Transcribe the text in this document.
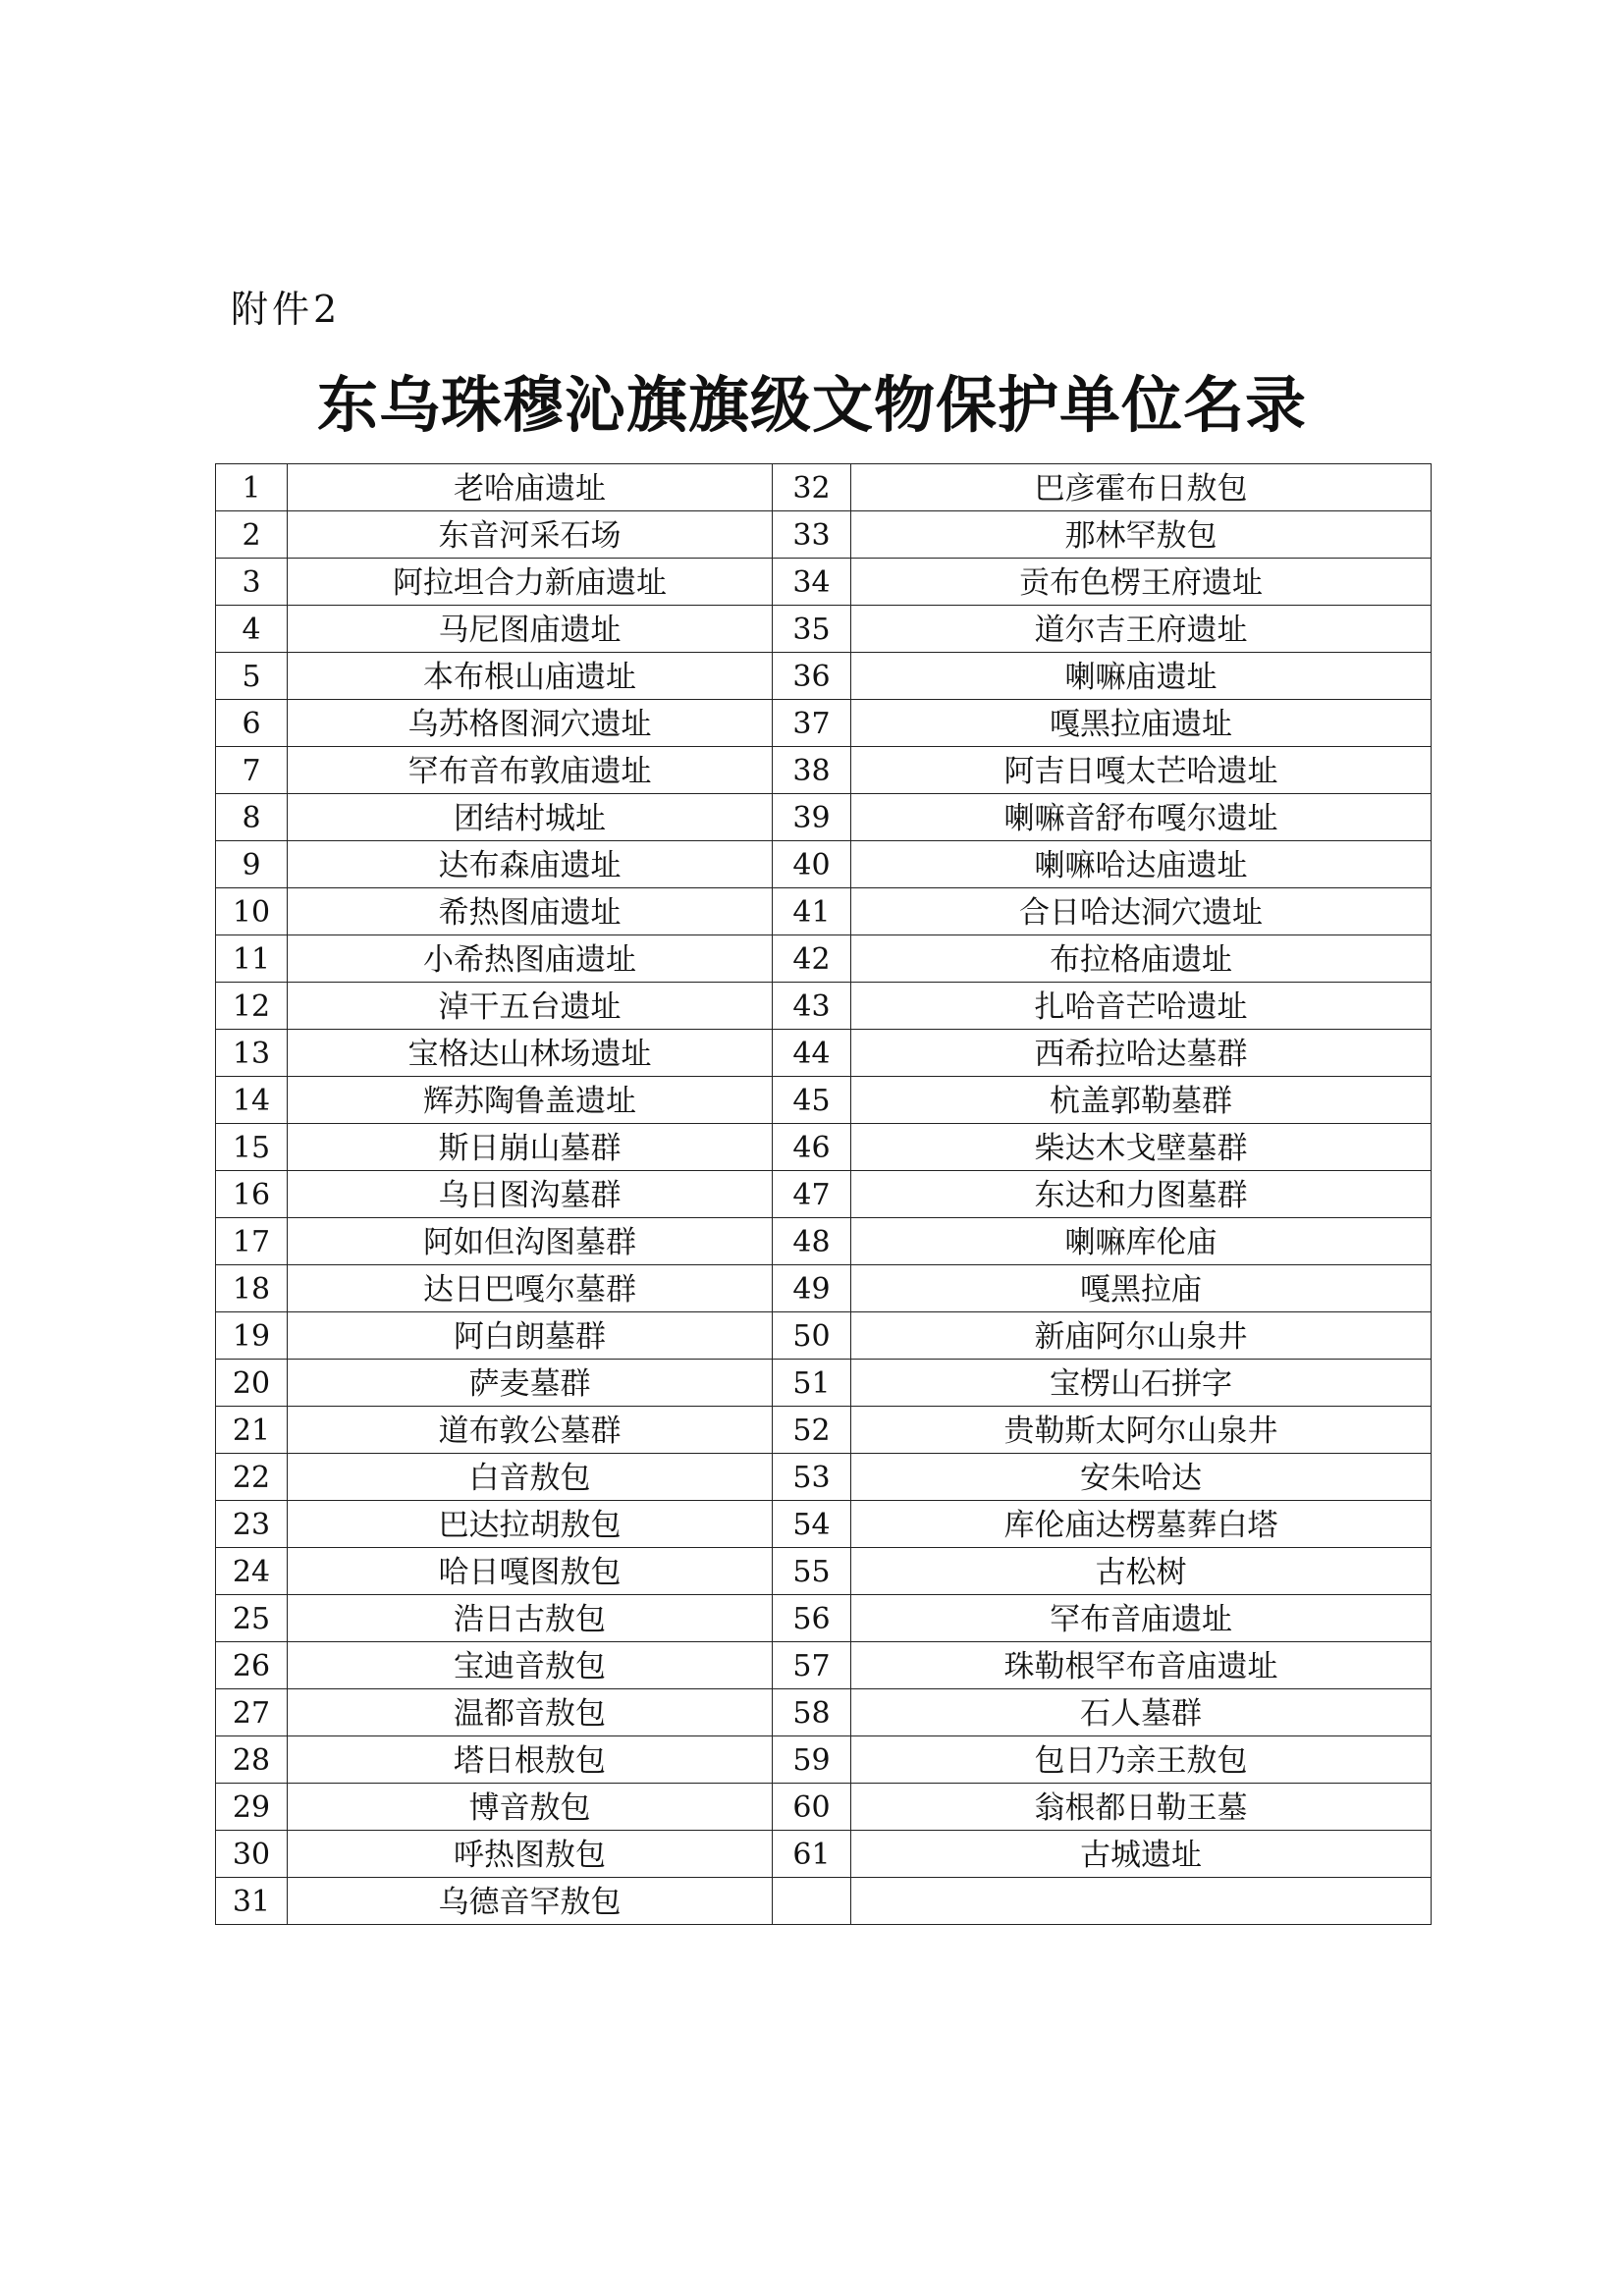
附件2
东乌珠穆沁旗旗级文物保护单位名录
1	老哈庙遗址	32	巴彦霍布日敖包
2	东音河采石场	33	那林罕敖包
3	阿拉坦合力新庙遗址	34	贡布色楞王府遗址
4	马尼图庙遗址	35	道尔吉王府遗址
5	本布根山庙遗址	36	喇嘛庙遗址
6	乌苏格图洞穴遗址	37	嘎黑拉庙遗址
7	罕布音布敦庙遗址	38	阿吉日嘎太芒哈遗址
8	团结村城址	39	喇嘛音舒布嘎尔遗址
9	达布森庙遗址	40	喇嘛哈达庙遗址
10	希热图庙遗址	41	合日哈达洞穴遗址
11	小希热图庙遗址	42	布拉格庙遗址
12	淖干五台遗址	43	扎哈音芒哈遗址
13	宝格达山林场遗址	44	西希拉哈达墓群
14	辉苏陶鲁盖遗址	45	杭盖郭勒墓群
15	斯日崩山墓群	46	柴达木戈壁墓群
16	乌日图沟墓群	47	东达和力图墓群
17	阿如但沟图墓群	48	喇嘛库伦庙
18	达日巴嘎尔墓群	49	嘎黑拉庙
19	阿白朗墓群	50	新庙阿尔山泉井
20	萨麦墓群	51	宝楞山石拼字
21	道布敦公墓群	52	贵勒斯太阿尔山泉井
22	白音敖包	53	安朱哈达
23	巴达拉胡敖包	54	库伦庙达楞墓葬白塔
24	哈日嘎图敖包	55	古松树
25	浩日古敖包	56	罕布音庙遗址
26	宝迪音敖包	57	珠勒根罕布音庙遗址
27	温都音敖包	58	石人墓群
28	塔日根敖包	59	包日乃亲王敖包
29	博音敖包	60	翁根都日勒王墓
30	呼热图敖包	61	古城遗址
31	乌德音罕敖包		
